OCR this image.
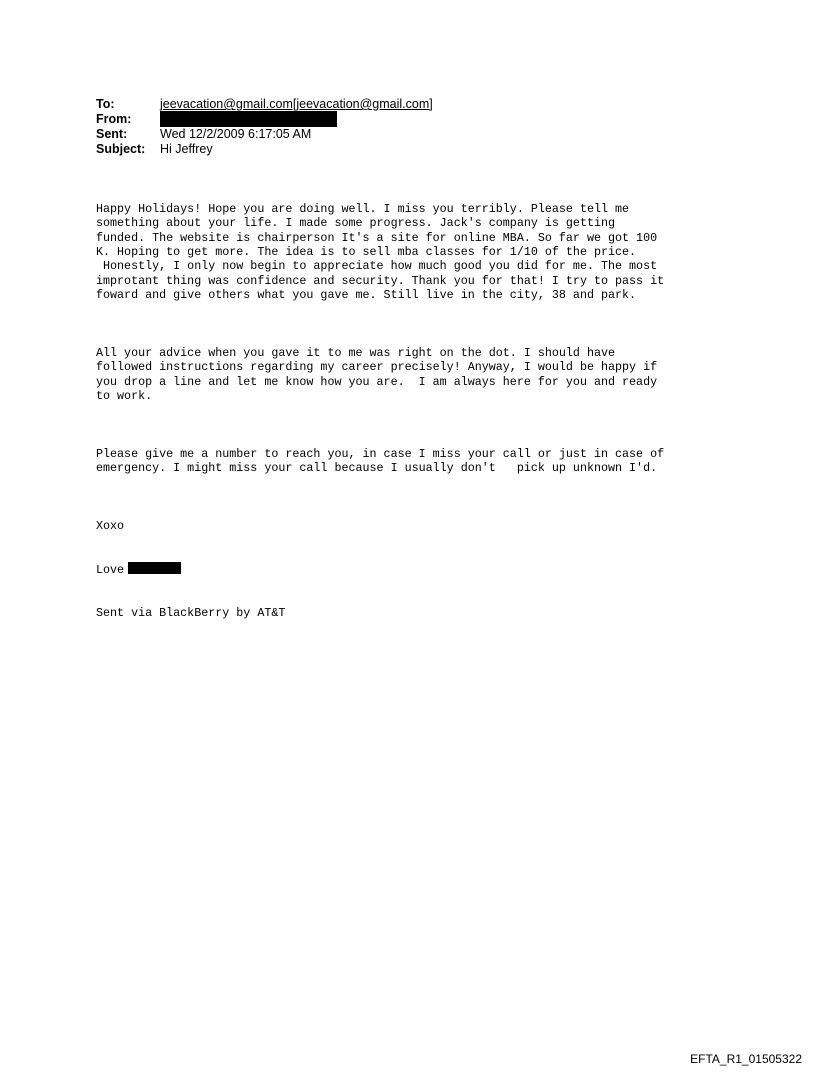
To:	jeevacation@gmail.com[jeevacation@gmail.com]
From:
Sent:	Wed 12/2/2009 6:17:05 AM
Subject:	Hi Jeffrey

Happy Holidays! Hope you are doing well. I miss you terribly. Please tell me
something about your life. I made some progress. Jack's company is getting
funded. The website is chairperson It's a site for online MBA. So far we got 100
K. Hoping to get more. The idea is to sell mba classes for 1/10 of the price.
Honestly, I only now begin to appreciate how much good you did for me. The most
improtant thing was confidence and security. Thank you for that! I try to pass it
foward and give others what you gave me. Still live in the city, 38 and park.

All your advice when you gave it to me was right on the dot. I should have
followed instructions regarding my career precisely! Anyway, I would be happy if
you drop a line and let me know how you are.  I am always here for you and ready
to work.

Please give me a number to reach you, in case I miss your call or just in case of
emergency. I might miss your call because I usually don't   pick up unknown I'd.

Xoxo

Love

Sent via BlackBerry by AT&T

EFTA_R1_01505322
